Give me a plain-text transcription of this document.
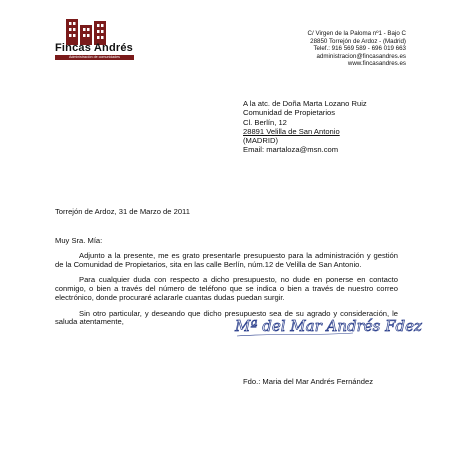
Fincas Andrés
Administración de comunidades
C/ Virgen de la Paloma nº1 - Bajo C
28850 Torrejón de Ardoz - (Madrid)
Telef.: 916 569 589 - 696 019 663
administracion@fincasandres.es
www.fincasandres.es
A la atc. de Doña Marta Lozano Ruiz
Comunidad de Propietarios
Cl. Berlín, 12
28891 Velilla de San Antonio
(MADRID)
Email: martaloza@msn.com
Torrejón de Ardoz, 31 de Marzo de 2011
Muy Sra. Mía:

Adjunto a la presente, me es grato presentarle presupuesto para la administración y gestión de la Comunidad de Propietarios, sita en las calle Berlín, núm.12 de Velilla de San Antonio.

Para cualquier duda con respecto a dicho presupuesto, no dude en ponerse en contacto conmigo, o bien a través del número de teléfono que se indica o bien a través de nuestro correo electrónico, donde procuraré aclararle cuantas dudas puedan surgir.

Sin otro particular, y deseando que dicho presupuesto sea de su agrado y consideración, le saluda atentamente,	Mª del Mar Andrés Fdez
Fdo.: Maria del Mar Andrés Fernández
